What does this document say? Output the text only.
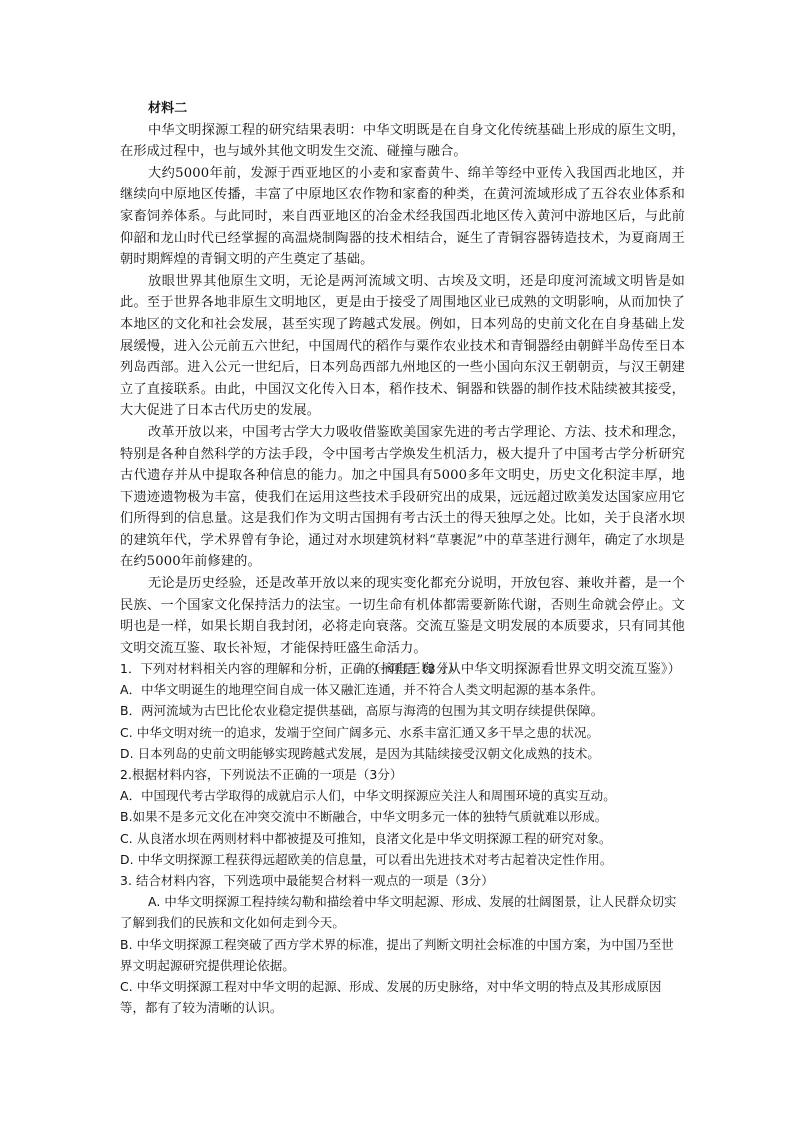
材料二

中华文明探源工程的研究结果表明：中华文明既是在自身文化传统基础上形成的原生文明，在形成过程中，也与域外其他文明发生交流、碰撞与融合。

大约5000年前，发源于西亚地区的小麦和家畜黄牛、绵羊等经中亚传入我国西北地区，并继续向中原地区传播，丰富了中原地区农作物和家畜的种类，在黄河流域形成了五谷农业体系和家畜饲养体系。与此同时，来自西亚地区的冶金术经我国西北地区传入黄河中游地区后，与此前仰韶和龙山时代已经掌握的高温烧制陶器的技术相结合，诞生了青铜容器铸造技术，为夏商周王朝时期辉煌的青铜文明的产生奠定了基础。

放眼世界其他原生文明，无论是两河流域文明、古埃及文明，还是印度河流域文明皆是如此。至于世界各地非原生文明地区，更是由于接受了周围地区业已成熟的文明影响，从而加快了本地区的文化和社会发展，甚至实现了跨越式发展。例如，日本列岛的史前文化在自身基础上发展缓慢，进入公元前五六世纪，中国周代的稻作与粟作农业技术和青铜器经由朝鲜半岛传至日本列岛西部。进入公元一世纪后，日本列岛西部九州地区的一些小国向东汉王朝朝贡，与汉王朝建立了直接联系。由此，中国汉文化传入日本，稻作技术、铜器和铁器的制作技术陆续被其接受，大大促进了日本古代历史的发展。

改革开放以来，中国考古学大力吸收借鉴欧美国家先进的考古学理论、方法、技术和理念，特别是各种自然科学的方法手段，令中国考古学焕发生机活力，极大提升了中国考古学分析研究古代遗存并从中提取各种信息的能力。加之中国具有5000多年文明史，历史文化积淀丰厚，地下遗迹遗物极为丰富，使我们在运用这些技术手段研究出的成果，远远超过欧美发达国家应用它们所得到的信息量。这是我们作为文明古国拥有考古沃土的得天独厚之处。比如，关于良渚水坝的建筑年代，学术界曾有争论，通过对水坝建筑材料“草裹泥”中的草茎进行测年，确定了水坝是在约5000年前修建的。

无论是历史经验，还是改革开放以来的现实变化都充分说明，开放包容、兼收并蓄，是一个民族、一个国家文化保持活力的法宝。一切生命有机体都需要新陈代谢，否则生命就会停止。文明也是一样，如果长期自我封闭，必将走向衰落。交流互鉴是文明发展的本质要求，只有同其他文明交流互鉴、取长补短，才能保持旺盛生命活力。

（摘自王巍《从中华文明探源看世界文明交流互鉴》）

1．下列对材料相关内容的理解和分析，正确的一项是（3分）

A．中华文明诞生的地理空间自成一体又融汇连通，并不符合人类文明起源的基本条件。

B．两河流域为古巴比伦农业稳定提供基础，高原与海湾的包围为其文明存续提供保障。

C. 中华文明对统一的追求，发端于空间广阔多元、水系丰富汇通又多干旱之患的状况。

D. 日本列岛的史前文明能够实现跨越式发展，是因为其陆续接受汉朝文化成熟的技术。

2.根据材料内容，下列说法不正确的一项是（3分）

A．中国现代考古学取得的成就启示人们，中华文明探源应关注人和周围环境的真实互动。

B.如果不是多元文化在冲突交流中不断融合，中华文明多元一体的独特气质就难以形成。

C. 从良渚水坝在两则材料中都被提及可推知，良渚文化是中华文明探源工程的研究对象。

D. 中华文明探源工程获得远超欧美的信息量，可以看出先进技术对考古起着决定性作用。

3. 结合材料内容，下列选项中最能契合材料一观点的一项是（3分）

A. 中华文明探源工程持续勾勒和描绘着中华文明起源、形成、发展的壮阔图景，让人民群众切实了解到我们的民族和文化如何走到今天。

B. 中华文明探源工程突破了西方学术界的标准，提出了判断文明社会标准的中国方案，为中国乃至世界文明起源研究提供理论依据。

C. 中华文明探源工程对中华文明的起源、形成、发展的历史脉络，对中华文明的特点及其形成原因等，都有了较为清晰的认识。
